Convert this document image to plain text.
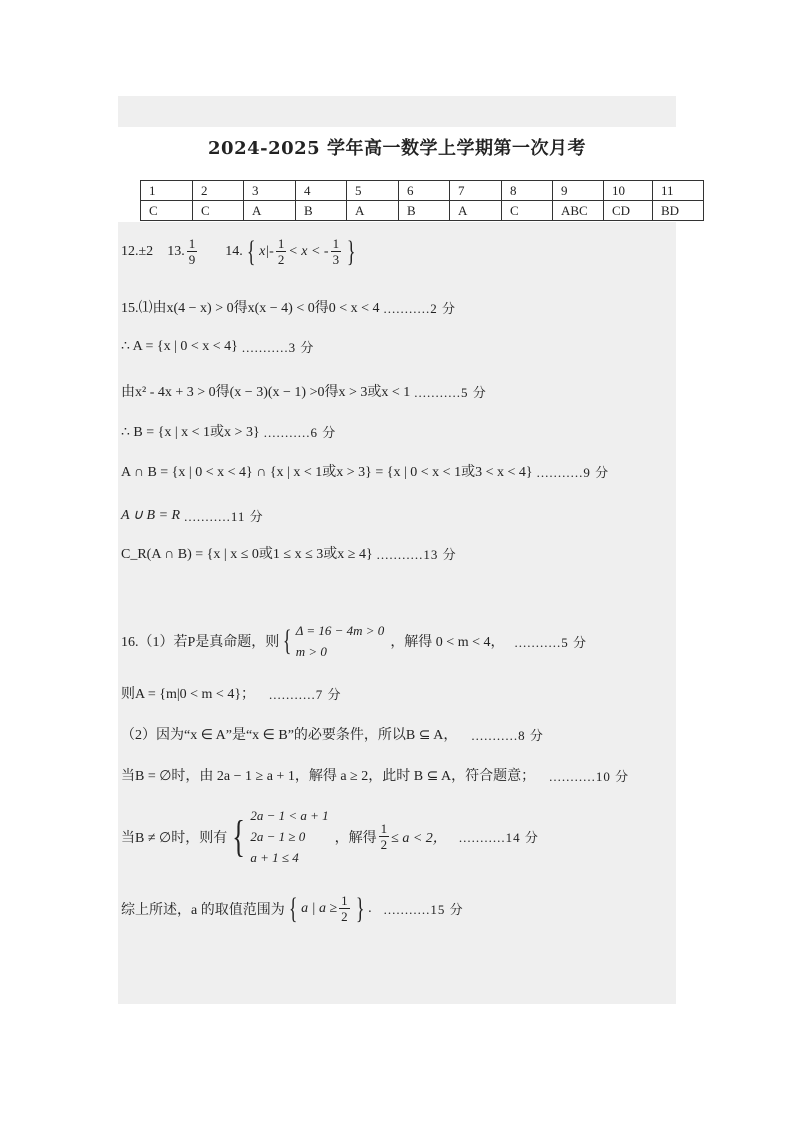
2024-2025 学年高一数学上学期第一次月考
1	2	3	4	5	6	7	8	9	10	11
C	C	A	B	A	B	A	C	ABC	CD	BD
12.±2 13. $\frac{1}{9} 14$. { $x|- \frac{1}{2} < x$ < - $\frac{1}{3}$ }
15.⑴由x(4 − x) > 0得x(x − 4) < 0得0 < x < 4 ...........2 分
∴ A = {x | 0 < x < 4} ...........3 分
由x² - 4x + 3 > 0得(x − 3)(x − 1) >0得x > 3或x < 1 ...........5 分
∴ B = {x | x < 1或x > 3} ...........6 分
A ∩ B = {x | 0 < x < 4} ∩ {x | x < 1或x > 3} = {x | 0 < x < 1或3 < x < 4} ...........9 分
A ∪ B = R ...........11 分
C_R(A ∩ B) = {x | x ≤ 0或1 ≤ x ≤ 3或x ≥ 4} ...........13 分
16.（1）若P是真命题，则 { Δ = 16 − 4m > 0
m > 0
，解得 0 < m < 4， ...........5 分
则A = {m|0 < m < 4}； ...........7 分
（2）因为“x ∈ A”是“x ∈ B”的必要条件，所以B ⊆ A， ...........8 分
当B = ∅时，由 2a − 1 ≥ a + 1，解得 a ≥ 2，此时 B ⊆ A，符合题意； ...........10 分
当B ≠ ∅时，则有 { 2a − 1 < a + 1
2a − 1 ≥ 0
a + 1 ≤ 4
，解得 $\frac{1}{2} \le a < 2$， ...........14 分
综上所述，a 的取值范围为 { a | $a \ge \frac{1}{2}$ } . ...........15 分
